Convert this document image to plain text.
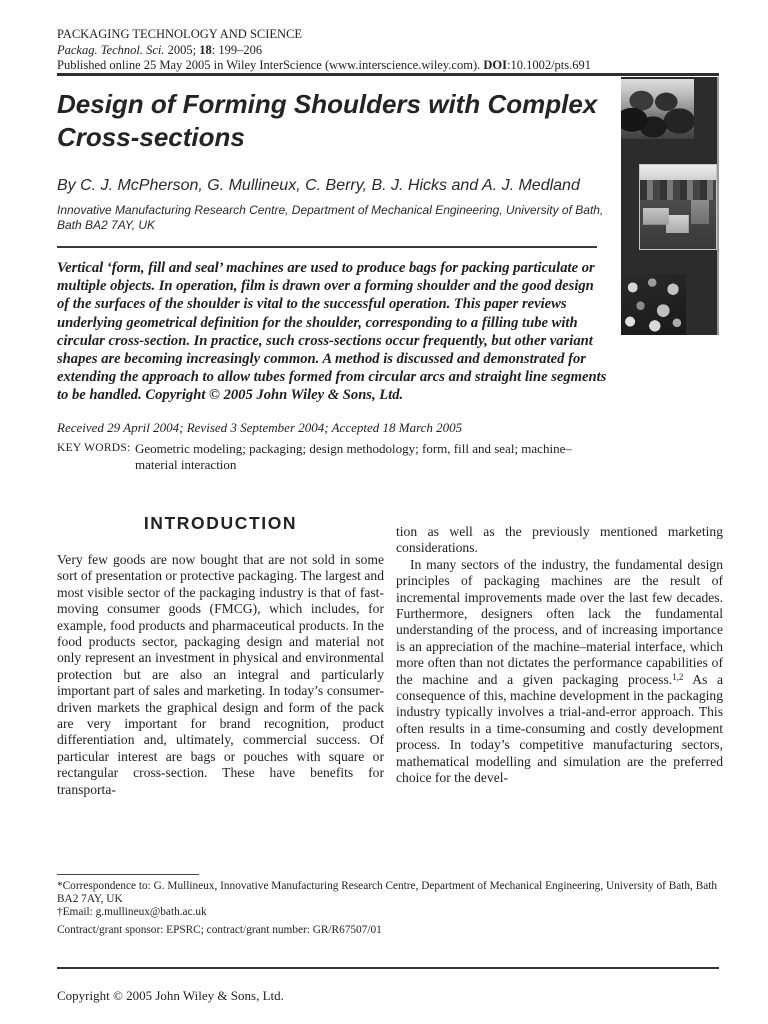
PACKAGING TECHNOLOGY AND SCIENCE
Packag. Technol. Sci. 2005; 18: 199–206
Published online 25 May 2005 in Wiley InterScience (www.interscience.wiley.com). DOI:10.1002/pts.691
Design of Forming Shoulders with Complex Cross-sections
By C. J. McPherson, G. Mullineux, C. Berry, B. J. Hicks and A. J. Medland
Innovative Manufacturing Research Centre, Department of Mechanical Engineering, University of Bath, Bath BA2 7AY, UK
Vertical ‘form, fill and seal’ machines are used to produce bags for packing particulate or multiple objects. In operation, film is drawn over a forming shoulder and the good design of the surfaces of the shoulder is vital to the successful operation. This paper reviews underlying geometrical definition for the shoulder, corresponding to a filling tube with circular cross-section. In practice, such cross-sections occur frequently, but other variant shapes are becoming increasingly common. A method is discussed and demonstrated for extending the approach to allow tubes formed from circular arcs and straight line segments to be handled. Copyright © 2005 John Wiley & Sons, Ltd.
Received 29 April 2004; Revised 3 September 2004; Accepted 18 March 2005
KEY WORDS: Geometric modeling; packaging; design methodology; form, fill and seal; machine–material interaction
INTRODUCTION

Very few goods are now bought that are not sold in some sort of presentation or protective packaging. The largest and most visible sector of the packaging industry is that of fast-moving consumer goods (FMCG), which includes, for example, food products and pharmaceutical products. In the food products sector, packaging design and material not only represent an investment in physical and environmental protection but are also an integral and particularly important part of sales and marketing. In today’s consumer-driven markets the graphical design and form of the pack are very important for brand recognition, product differentiation and, ultimately, commercial success. Of particular interest are bags or pouches with square or rectangular cross-section. These have benefits for transporta-

tion as well as the previously mentioned marketing considerations.

In many sectors of the industry, the fundamental design principles of packaging machines are the result of incremental improvements made over the last few decades. Furthermore, designers often lack the fundamental understanding of the process, and of increasing importance is an appreciation of the machine–material interface, which more often than not dictates the performance capabilities of the machine and a given packaging process.$^{1,2}$ As a consequence of this, machine development in the packaging industry typically involves a trial-and-error approach. This often results in a time-consuming and costly development process. In today’s competitive manufacturing sectors, mathematical modelling and simulation are the preferred choice for the devel-

*Correspondence to: G. Mullineux, Innovative Manufacturing Research Centre, Department of Mechanical Engineering, University of Bath, Bath BA2 7AY, UK
†Email: g.mullineux@bath.ac.uk
Contract/grant sponsor: EPSRC; contract/grant number: GR/R67507/01
Copyright © 2005 John Wiley & Sons, Ltd.
